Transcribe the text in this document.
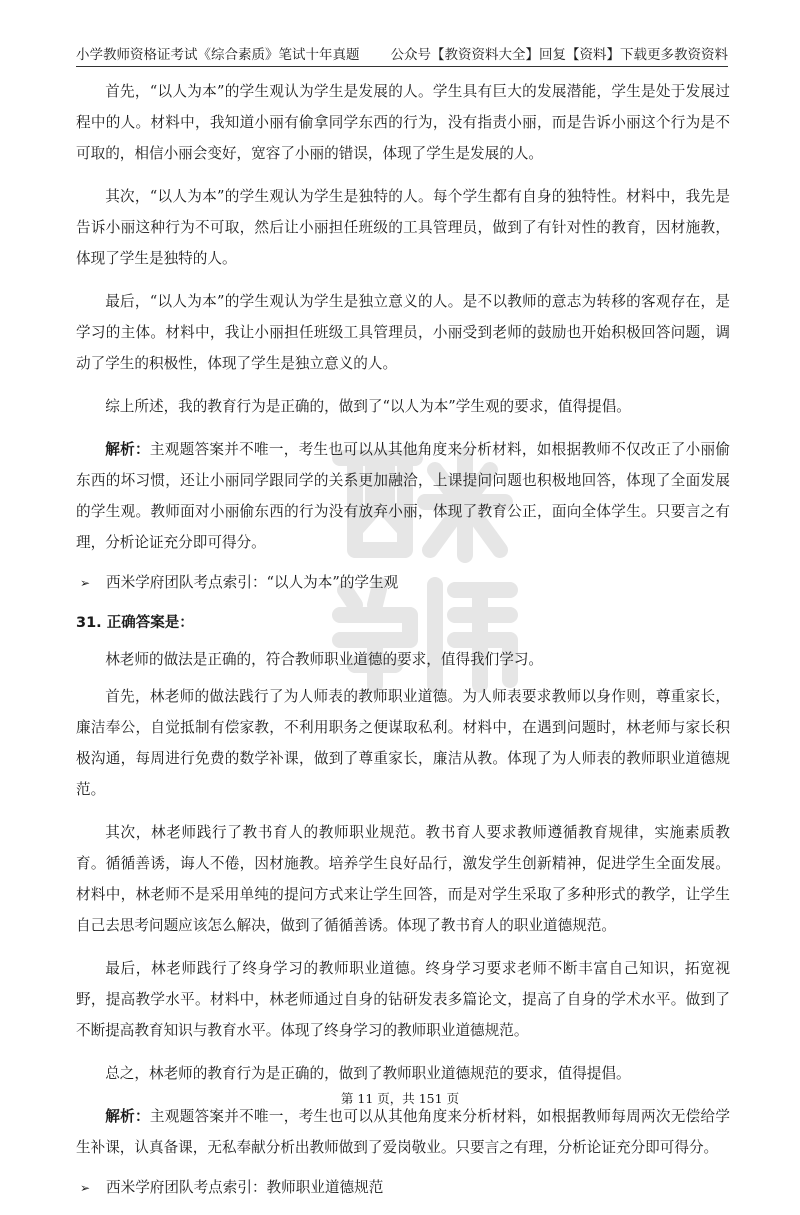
小学教师资格证考试《综合素质》笔试十年真题 公众号【教资资料大全】回复【资料】下载更多教资资料

首先，“以人为本”的学生观认为学生是发展的人。学生具有巨大的发展潜能，学生是处于发展过程中的人。材料中，我知道小丽有偷拿同学东西的行为，没有指责小丽，而是告诉小丽这个行为是不可取的，相信小丽会变好，宽容了小丽的错误，体现了学生是发展的人。

其次，“以人为本”的学生观认为学生是独特的人。每个学生都有自身的独特性。材料中，我先是告诉小丽这种行为不可取，然后让小丽担任班级的工具管理员，做到了有针对性的教育，因材施教，体现了学生是独特的人。

最后，“以人为本”的学生观认为学生是独立意义的人。是不以教师的意志为转移的客观存在，是学习的主体。材料中，我让小丽担任班级工具管理员，小丽受到老师的鼓励也开始积极回答问题，调动了学生的积极性，体现了学生是独立意义的人。

综上所述，我的教育行为是正确的，做到了“以人为本”学生观的要求，值得提倡。

解析：主观题答案并不唯一，考生也可以从其他角度来分析材料，如根据教师不仅改正了小丽偷东西的坏习惯，还让小丽同学跟同学的关系更加融洽，上课提问问题也积极地回答，体现了全面发展的学生观。教师面对小丽偷东西的行为没有放弃小丽，体现了教育公正，面向全体学生。只要言之有理，分析论证充分即可得分。

➢ 西米学府团队考点索引：“以人为本”的学生观
31. 正确答案是：

林老师的做法是正确的，符合教师职业道德的要求，值得我们学习。

首先，林老师的做法践行了为人师表的教师职业道德。为人师表要求教师以身作则，尊重家长，廉洁奉公，自觉抵制有偿家教，不利用职务之便谋取私利。材料中，在遇到问题时，林老师与家长积极沟通，每周进行免费的数学补课，做到了尊重家长，廉洁从教。体现了为人师表的教师职业道德规范。

其次，林老师践行了教书育人的教师职业规范。教书育人要求教师遵循教育规律，实施素质教育。循循善诱，诲人不倦，因材施教。培养学生良好品行，激发学生创新精神，促进学生全面发展。材料中，林老师不是采用单纯的提问方式来让学生回答，而是对学生采取了多种形式的教学，让学生自己去思考问题应该怎么解决，做到了循循善诱。体现了教书育人的职业道德规范。

最后，林老师践行了终身学习的教师职业道德。终身学习要求老师不断丰富自己知识，拓宽视野，提高教学水平。材料中，林老师通过自身的钻研发表多篇论文，提高了自身的学术水平。做到了不断提高教育知识与教育水平。体现了终身学习的教师职业道德规范。

总之，林老师的教育行为是正确的，做到了教师职业道德规范的要求，值得提倡。

解析：主观题答案并不唯一，考生也可以从其他角度来分析材料，如根据教师每周两次无偿给学生补课，认真备课，无私奉献分析出教师做到了爱岗敬业。只要言之有理，分析论证充分即可得分。

➢ 西米学府团队考点索引：教师职业道德规范
第 11 页，共 151 页
